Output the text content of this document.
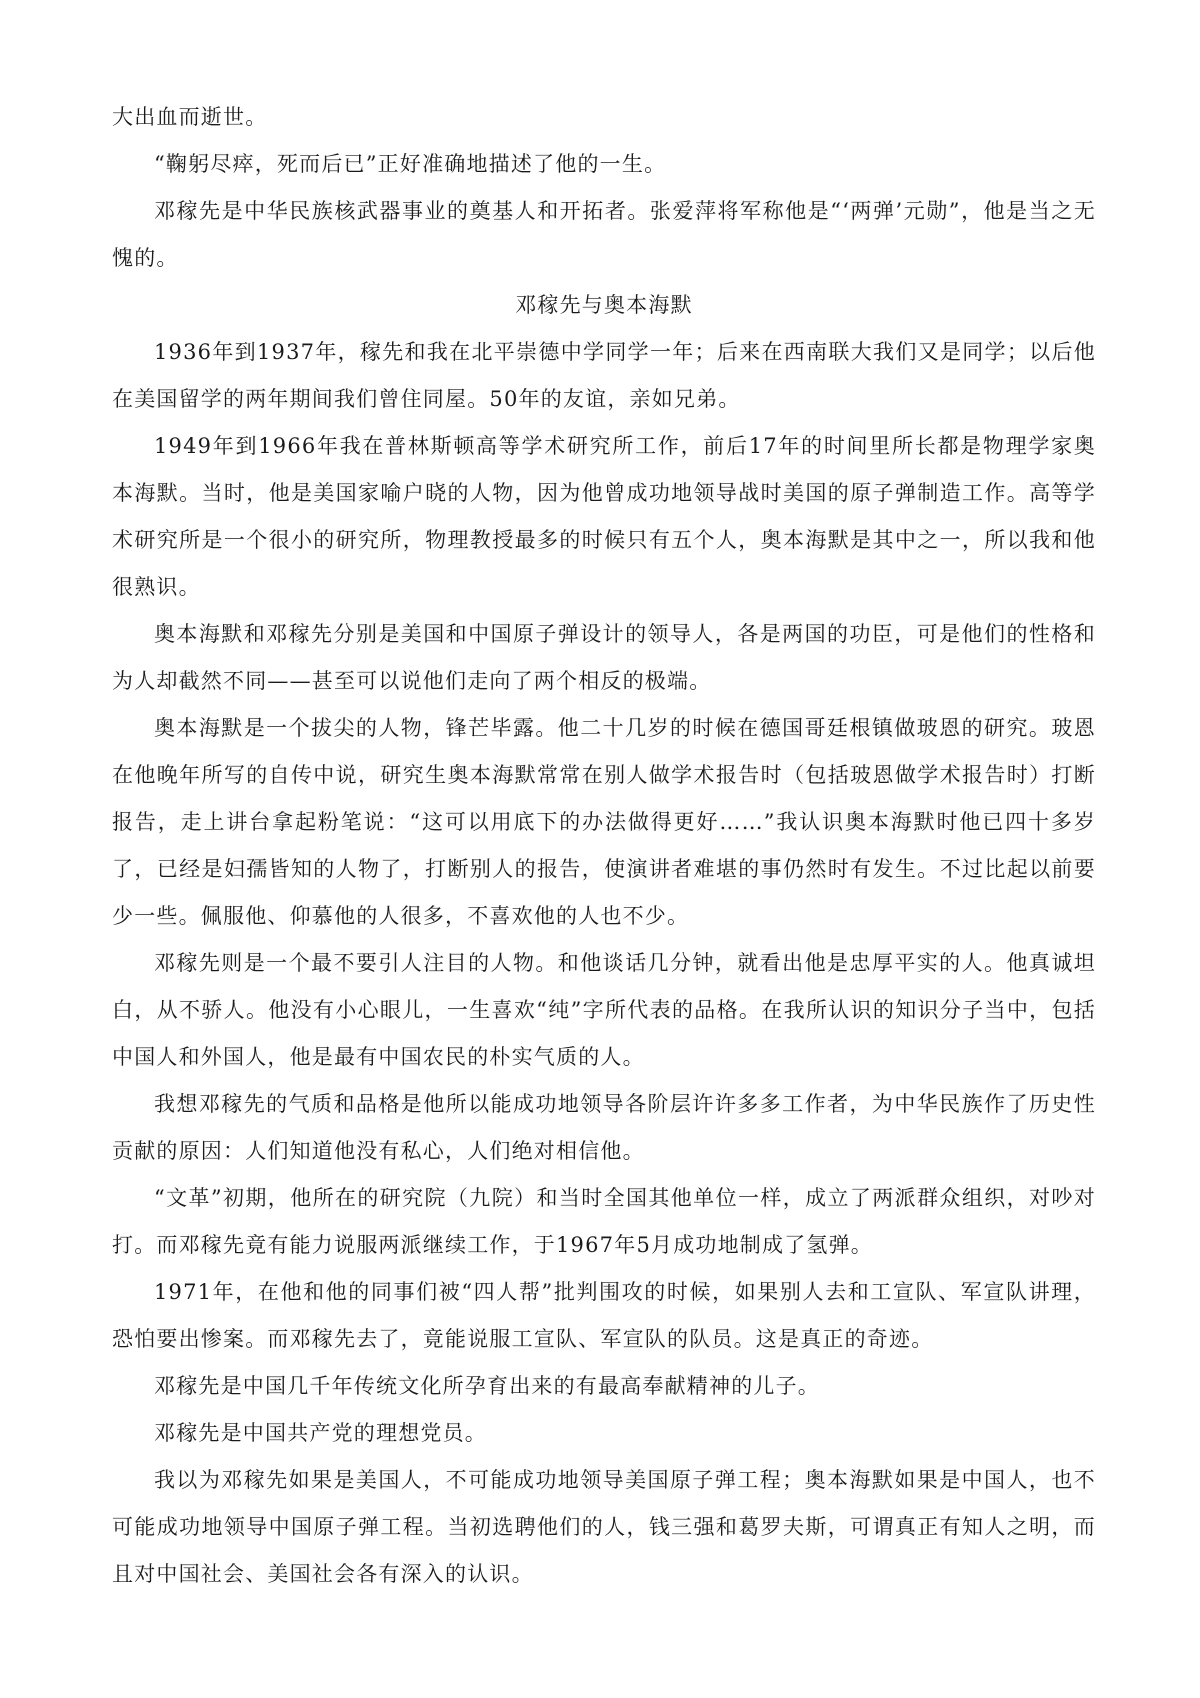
大出血而逝世。

“鞠躬尽瘁，死而后已”正好准确地描述了他的一生。

邓稼先是中华民族核武器事业的奠基人和开拓者。张爱萍将军称他是“‘两弹’元勋”，他是当之无愧的。

邓稼先与奥本海默

1936年到1937年，稼先和我在北平崇德中学同学一年；后来在西南联大我们又是同学；以后他在美国留学的两年期间我们曾住同屋。50年的友谊，亲如兄弟。

1949年到1966年我在普林斯顿高等学术研究所工作，前后17年的时间里所长都是物理学家奥本海默。当时，他是美国家喻户晓的人物，因为他曾成功地领导战时美国的原子弹制造工作。高等学术研究所是一个很小的研究所，物理教授最多的时候只有五个人，奥本海默是其中之一，所以我和他很熟识。

奥本海默和邓稼先分别是美国和中国原子弹设计的领导人，各是两国的功臣，可是他们的性格和为人却截然不同——甚至可以说他们走向了两个相反的极端。

奥本海默是一个拔尖的人物，锋芒毕露。他二十几岁的时候在德国哥廷根镇做玻恩的研究。玻恩在他晚年所写的自传中说，研究生奥本海默常常在别人做学术报告时（包括玻恩做学术报告时）打断报告，走上讲台拿起粉笔说：“这可以用底下的办法做得更好……”我认识奥本海默时他已四十多岁了，已经是妇孺皆知的人物了，打断别人的报告，使演讲者难堪的事仍然时有发生。不过比起以前要少一些。佩服他、仰慕他的人很多，不喜欢他的人也不少。

邓稼先则是一个最不要引人注目的人物。和他谈话几分钟，就看出他是忠厚平实的人。他真诚坦白，从不骄人。他没有小心眼儿，一生喜欢“纯”字所代表的品格。在我所认识的知识分子当中，包括中国人和外国人，他是最有中国农民的朴实气质的人。

我想邓稼先的气质和品格是他所以能成功地领导各阶层许许多多工作者，为中华民族作了历史性贡献的原因：人们知道他没有私心，人们绝对相信他。

“文革”初期，他所在的研究院（九院）和当时全国其他单位一样，成立了两派群众组织，对吵对打。而邓稼先竟有能力说服两派继续工作，于1967年5月成功地制成了氢弹。

1971年，在他和他的同事们被“四人帮”批判围攻的时候，如果别人去和工宣队、军宣队讲理，恐怕要出惨案。而邓稼先去了，竟能说服工宣队、军宣队的队员。这是真正的奇迹。

邓稼先是中国几千年传统文化所孕育出来的有最高奉献精神的儿子。

邓稼先是中国共产党的理想党员。

我以为邓稼先如果是美国人，不可能成功地领导美国原子弹工程；奥本海默如果是中国人，也不可能成功地领导中国原子弹工程。当初选聘他们的人，钱三强和葛罗夫斯，可谓真正有知人之明，而且对中国社会、美国社会各有深入的认识。
